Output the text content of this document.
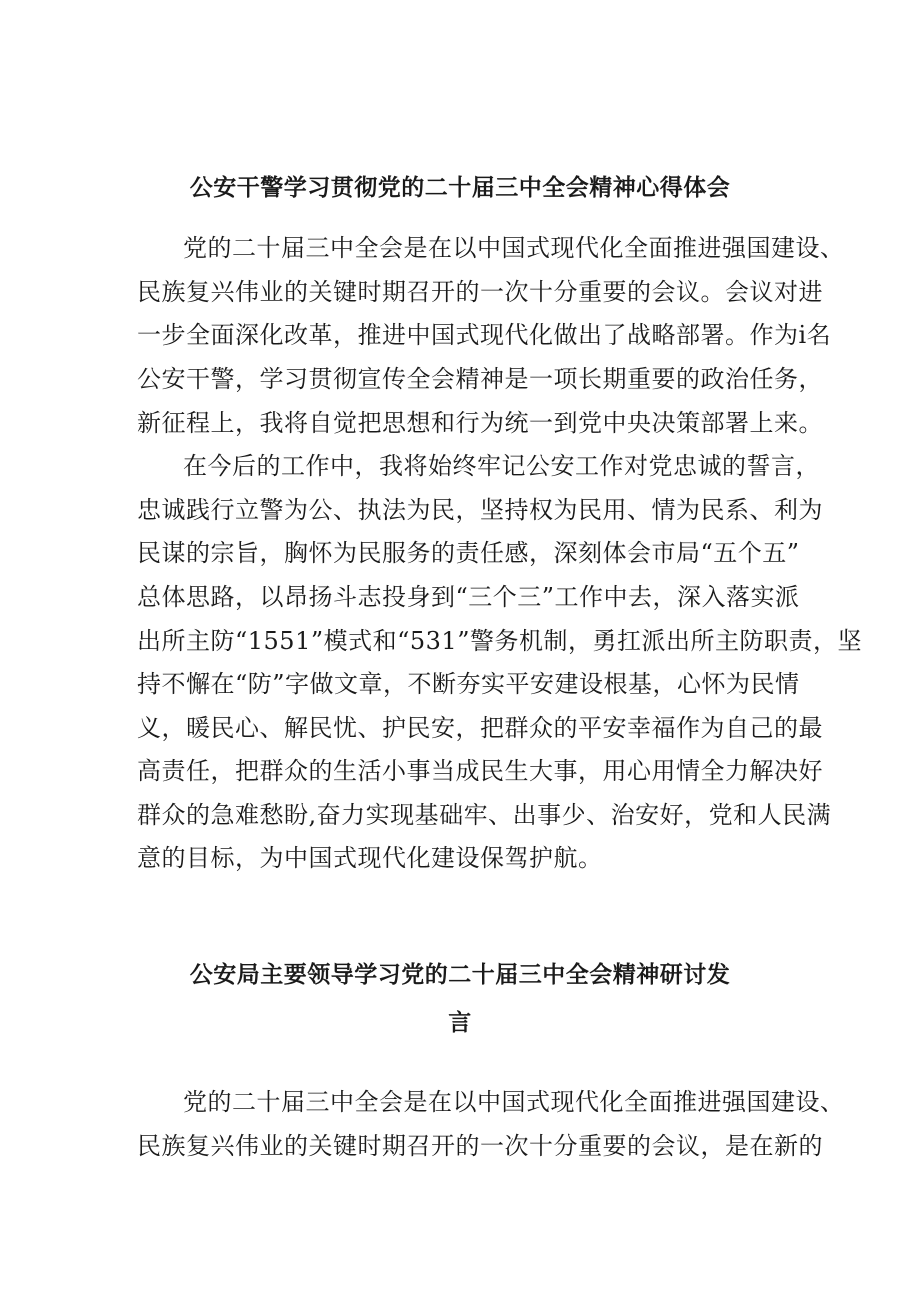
公安干警学习贯彻党的二十届三中全会精神心得体会
党的二十届三中全会是在以中国式现代化全面推进强国建设、
民族复兴伟业的关键时期召开的一次十分重要的会议。会议对进
一步全面深化改革，推进中国式现代化做出了战略部署。作为i名
公安干警，学习贯彻宣传全会精神是一项长期重要的政治任务，
新征程上，我将自觉把思想和行为统一到党中央决策部署上来。
在今后的工作中，我将始终牢记公安工作对党忠诚的誓言，
忠诚践行立警为公、执法为民，坚持权为民用、情为民系、利为
民谋的宗旨，胸怀为民服务的责任感，深刻体会市局“五个五”
总体思路，以昂扬斗志投身到“三个三”工作中去，深入落实派
出所主防“1551”模式和“531”警务机制，勇扛派出所主防职责，坚
持不懈在“防”字做文章，不断夯实平安建设根基，心怀为民情
义，暖民心、解民忧、护民安，把群众的平安幸福作为自己的最
高责任，把群众的生活小事当成民生大事，用心用情全力解决好
群众的急难愁盼,奋力实现基础牢、出事少、治安好，党和人民满
意的目标，为中国式现代化建设保驾护航。
公安局主要领导学习党的二十届三中全会精神研讨发
言
党的二十届三中全会是在以中国式现代化全面推进强国建设、
民族复兴伟业的关键时期召开的一次十分重要的会议，是在新的
